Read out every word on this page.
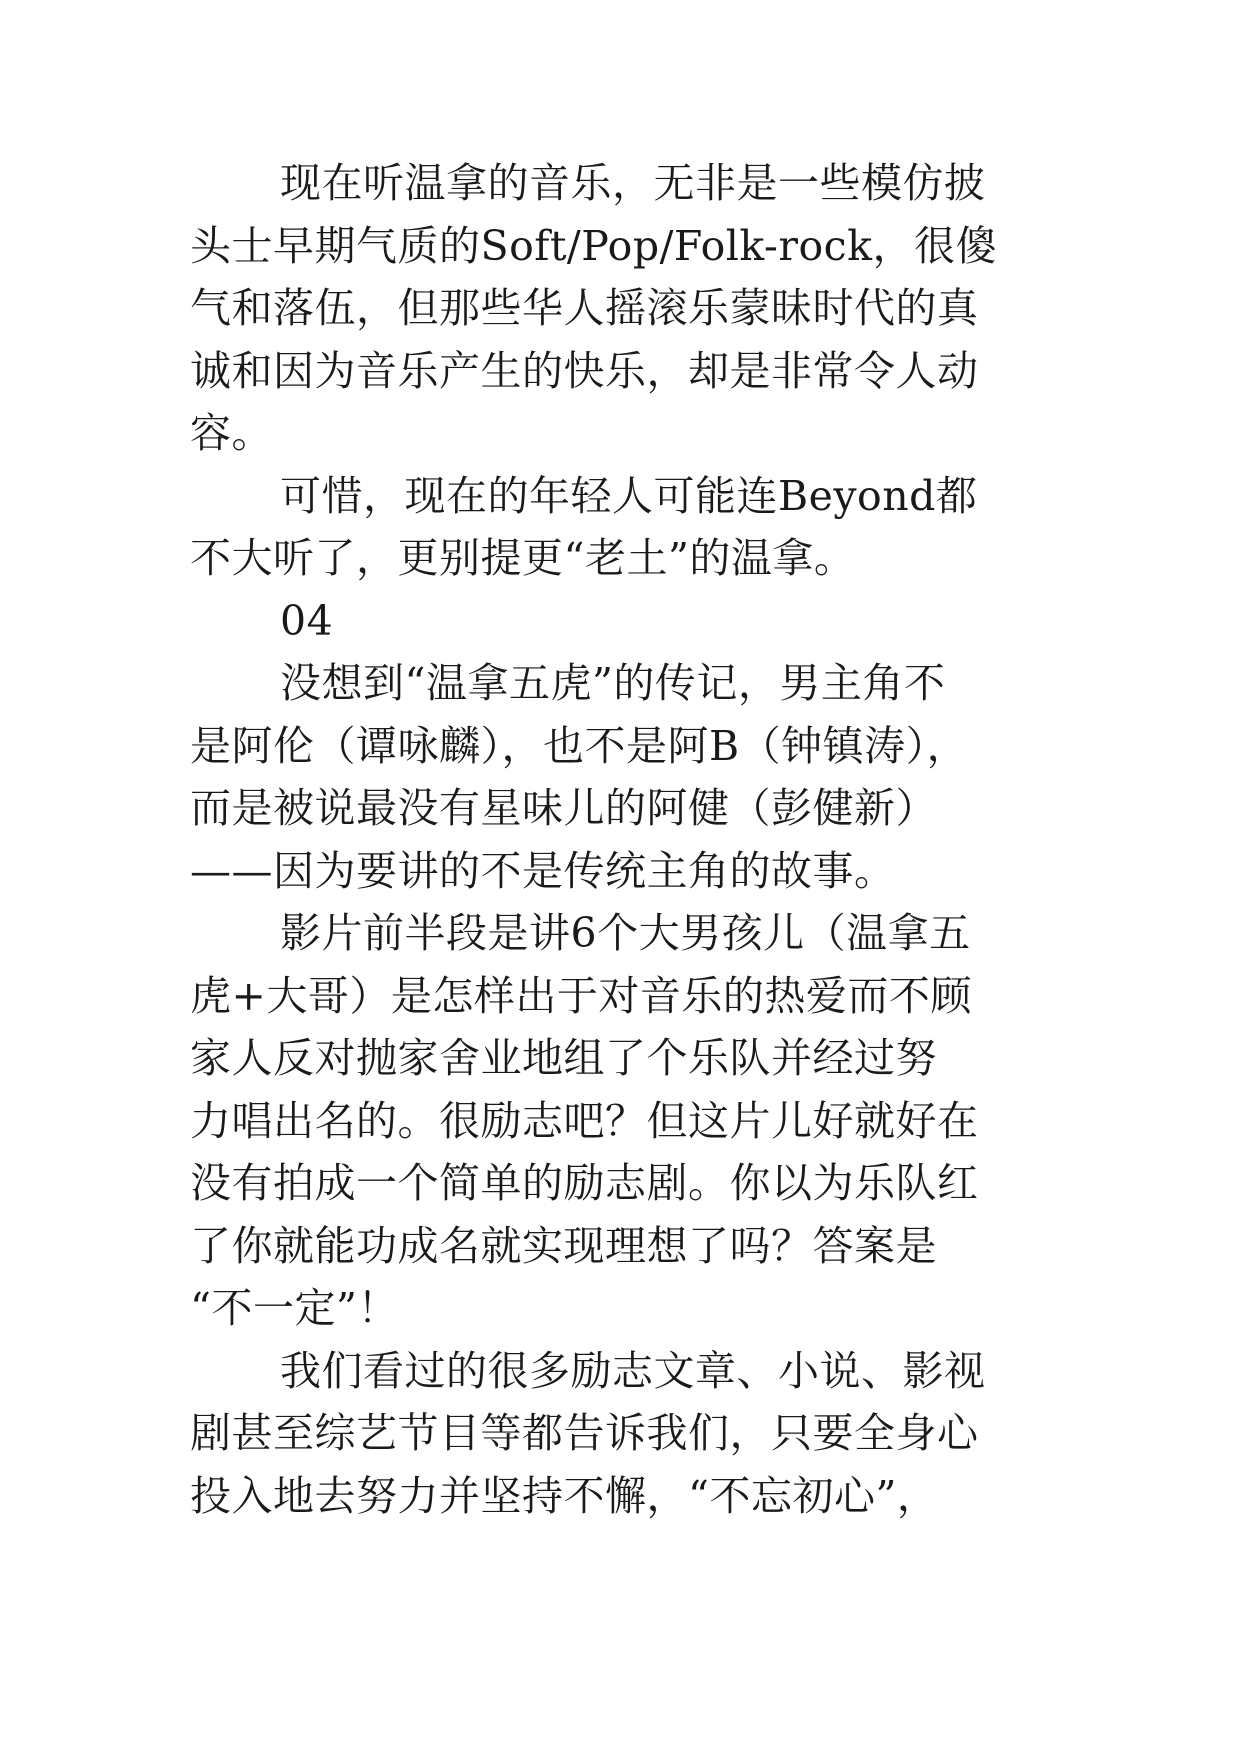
现在听温拿的音乐，无非是一些模仿披
头士早期气质的Soft/Pop/Folk-rock，很傻
气和落伍，但那些华人摇滚乐蒙昧时代的真
诚和因为音乐产生的快乐，却是非常令人动
容。
可惜，现在的年轻人可能连Beyond都
不大听了，更别提更“老土”的温拿。
04
没想到“温拿五虎”的传记，男主角不
是阿伦（谭咏麟），也不是阿B（钟镇涛），
而是被说最没有星味儿的阿健（彭健新）
——因为要讲的不是传统主角的故事。
影片前半段是讲6个大男孩儿（温拿五
虎+大哥）是怎样出于对音乐的热爱而不顾
家人反对抛家舍业地组了个乐队并经过努
力唱出名的。很励志吧？但这片儿好就好在
没有拍成一个简单的励志剧。你以为乐队红
了你就能功成名就实现理想了吗？答案是
“不一定”！
我们看过的很多励志文章、小说、影视
剧甚至综艺节目等都告诉我们，只要全身心
投入地去努力并坚持不懈，“不忘初心”，
